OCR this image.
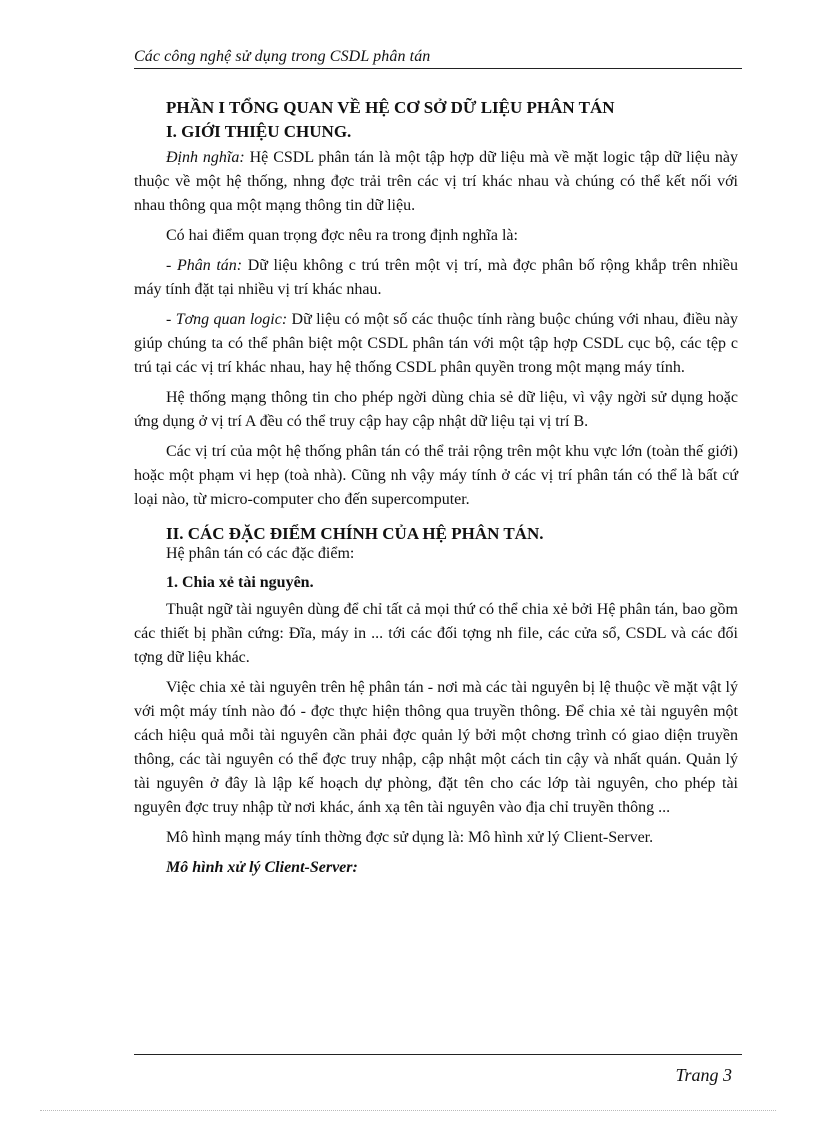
Các công nghệ sử dụng trong CSDL phân tán
PHẦN I TỔNG QUAN VỀ HỆ CƠ SỞ DỮ LIỆU PHÂN TÁN
I. GIỚI THIỆU CHUNG.

Định nghĩa: Hệ CSDL phân tán là một tập hợp dữ liệu mà về mặt logic tập dữ liệu này thuộc về một hệ thống, nhng đợc trải trên các vị trí khác nhau và chúng có thể kết nối với nhau thông qua một mạng thông tin dữ liệu.

Có hai điểm quan trọng đợc nêu ra trong định nghĩa là:

- Phân tán: Dữ liệu không c trú trên một vị trí, mà đợc phân bố rộng khắp trên nhiều máy tính đặt tại nhiều vị trí khác nhau.

- Tơng quan logic: Dữ liệu có một số các thuộc tính ràng buộc chúng với nhau, điều này giúp chúng ta có thể phân biệt một CSDL phân tán với một tập hợp CSDL cục bộ, các tệp c trú tại các vị trí khác nhau, hay hệ thống CSDL phân quyền trong một mạng máy tính.

Hệ thống mạng thông tin cho phép ngời dùng chia sẻ dữ liệu, vì vậy ngời sử dụng hoặc ứng dụng ở vị trí A đều có thể truy cập hay cập nhật dữ liệu tại vị trí B.

Các vị trí của một hệ thống phân tán có thể trải rộng trên một khu vực lớn (toàn thế giới) hoặc một phạm vi hẹp (toà nhà). Cũng nh vậy máy tính ở các vị trí phân tán có thể là bất cứ loại nào, từ micro-computer cho đến supercomputer.

II. CÁC ĐẶC ĐIỂM CHÍNH CỦA HỆ PHÂN TÁN.

Hệ phân tán có các đặc điểm:

1. Chia xẻ tài nguyên.

Thuật ngữ tài nguyên dùng để chỉ tất cả mọi thứ có thể chia xẻ bởi Hệ phân tán, bao gồm các thiết bị phần cứng: Đĩa, máy in ... tới các đối tợng nh file, các cửa sổ, CSDL và các đối tợng dữ liệu khác.

Việc chia xẻ tài nguyên trên hệ phân tán - nơi mà các tài nguyên bị lệ thuộc về mặt vật lý với một máy tính nào đó - đợc thực hiện thông qua truyền thông. Để chia xẻ tài nguyên một cách hiệu quả mỗi tài nguyên cần phải đợc quản lý bởi một chơng trình có giao diện truyền thông, các tài nguyên có thể đợc truy nhập, cập nhật một cách tin cậy và nhất quán. Quản lý tài nguyên ở đây là lập kế hoạch dự phòng, đặt tên cho các lớp tài nguyên, cho phép tài nguyên đợc truy nhập từ nơi khác, ánh xạ tên tài nguyên vào địa chỉ truyền thông ...

Mô hình mạng máy tính thờng đợc sử dụng là: Mô hình xử lý Client-Server.

Mô hình xử lý Client-Server:

Trang 3
